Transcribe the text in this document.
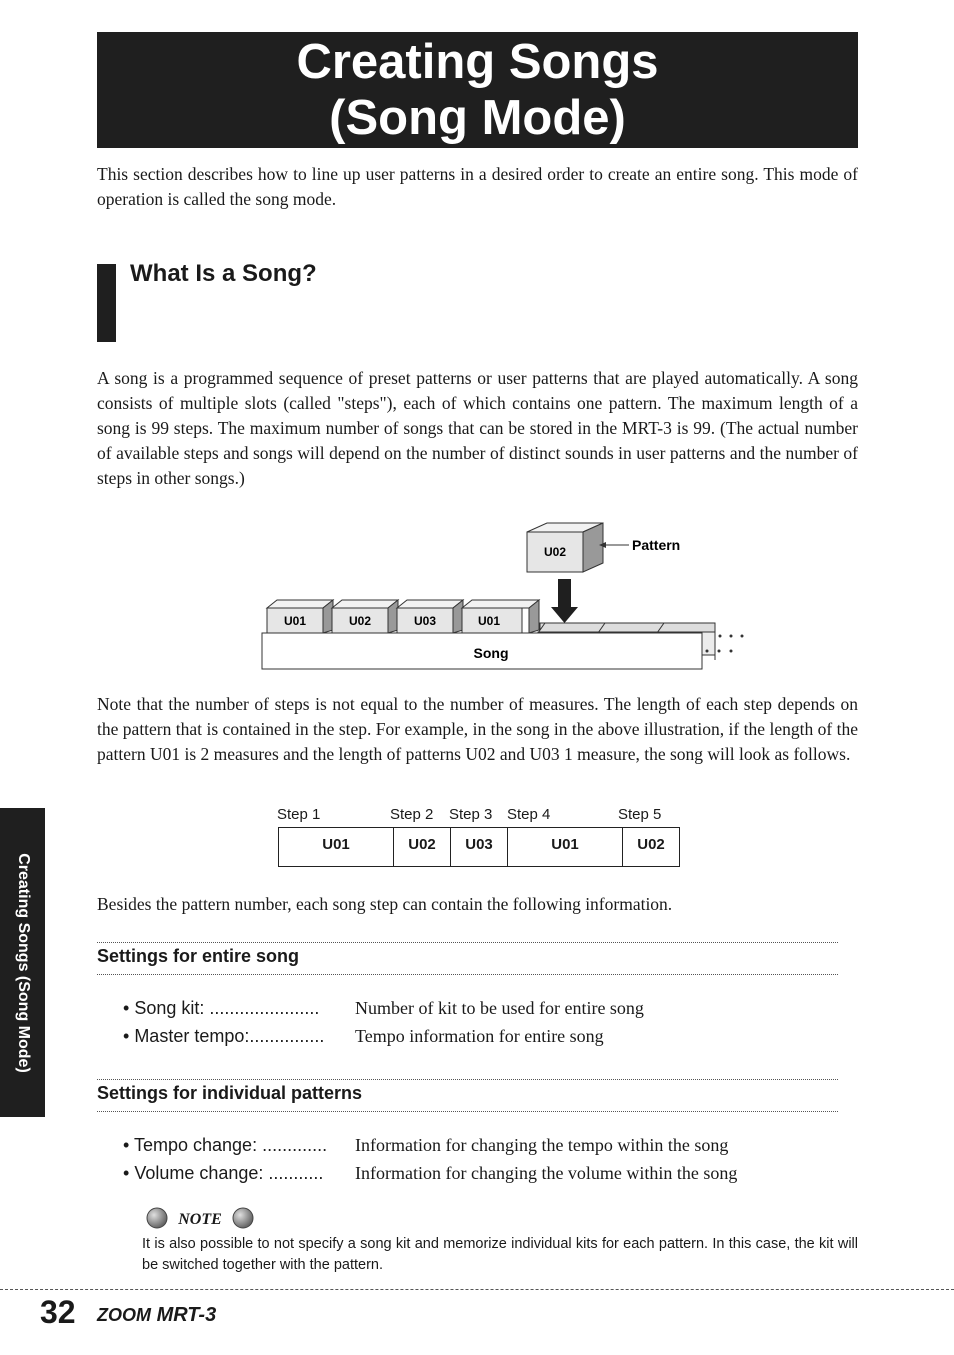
Creating Songs
(Song Mode)
This section describes how to line up user patterns in a desired order to create an entire song. This mode of operation is called the song mode.
What Is a Song?
A song is a programmed sequence of preset patterns or user patterns that are played automatically. A song consists of multiple slots (called "steps"), each of which contains one pattern. The maximum length of a song is 99 steps. The maximum number of songs that can be stored in the MRT-3 is 99. (The actual number of available steps and songs will depend on the number of distinct sounds in user patterns and the number of steps in other songs.)
U02	Pattern
U01	U02	U03	U01
Song
Note that the number of steps is not equal to the number of measures. The length of each step depends on the pattern that is contained in the step. For example, in the song in the above illustration, if the length of the pattern U01 is 2 measures and the length of patterns U02 and U03 1 measure, the song will look as follows.
Step 1	Step 2 Step 3 Step 4	Step 5
U01	U02	U03	U01	U02
Besides the pattern number, each song step can contain the following information.
Settings for entire song
• Song kit: ...................... Number of kit to be used for entire song
• Master tempo:............... Tempo information for entire song
Settings for individual patterns
• Tempo change: ............. Information for changing the tempo within the song
• Volume change: ........... Information for changing the volume within the song
NOTE
It is also possible to not specify a song kit and memorize individual kits for each pattern. In this case, the kit will be switched together with the pattern.
Creating Songs (Song Mode)
32 ZOOM MRT-3
